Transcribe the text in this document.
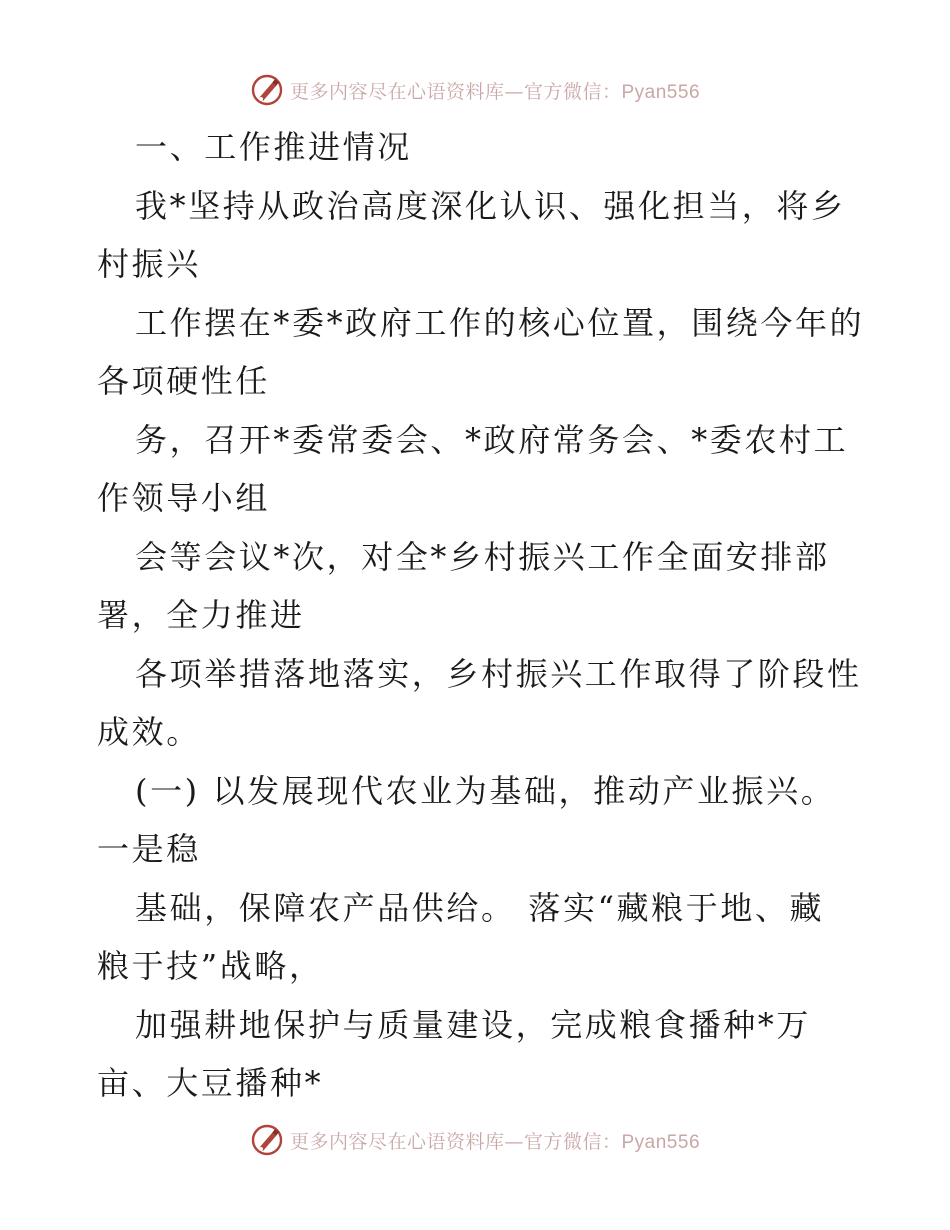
更多内容尽在心语资料库—官方微信：Pyan556
一、工作推进情况
我*坚持从政治高度深化认识、强化担当，将乡
村振兴
工作摆在*委*政府工作的核心位置，围绕今年的
各项硬性任
务，召开*委常委会、*政府常务会、*委农村工
作领导小组
会等会议*次，对全*乡村振兴工作全面安排部
署，全力推进
各项举措落地落实，乡村振兴工作取得了阶段性
成效。
(一) 以发展现代农业为基础，推动产业振兴。
一是稳
基础，保障农产品供给。 落实“藏粮于地、藏
粮于技”战略，
加强耕地保护与质量建设，完成粮食播种*万
亩、大豆播种*
更多内容尽在心语资料库—官方微信：Pyan556
